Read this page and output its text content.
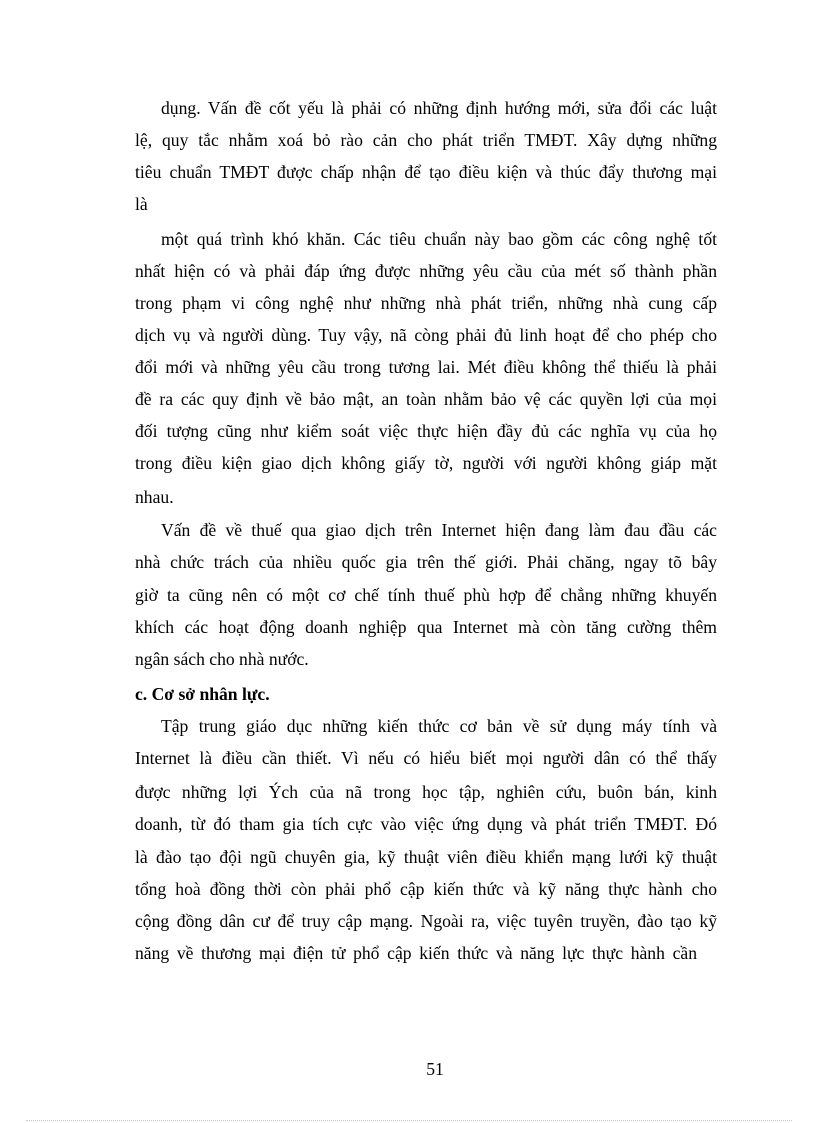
dụng. Vấn đề cốt yếu là phải có những định hướng mới, sửa đổi các luật
lệ, quy tắc nhằm xoá bỏ rào cản cho phát triển TMĐT. Xây dựng những
tiêu chuẩn TMĐT được chấp nhận để tạo điều kiện và thúc đẩy thương mại
là
một quá trình khó khăn. Các tiêu chuẩn này bao gồm các công nghệ tốt
nhất hiện có và phải đáp ứng được những yêu cầu của mét số thành phần
trong phạm vi công nghệ như những nhà phát triển, những nhà cung cấp
dịch vụ và người dùng. Tuy vậy, nã còng phải đủ linh hoạt để cho phép cho
đổi mới và những yêu cầu trong tương lai. Mét điều không thể thiếu là phải
đề ra các quy định về bảo mật, an toàn nhằm bảo vệ các quyền lợi của mọi
đối tượng cũng như kiểm soát việc thực hiện đầy đủ các nghĩa vụ của họ
trong điều kiện giao dịch không giấy tờ, người với người không giáp mặt
nhau.
Vấn đề về thuế qua giao dịch trên Internet hiện đang làm đau đầu các
nhà chức trách của nhiều quốc gia trên thế giới. Phải chăng, ngay tõ bây
giờ ta cũng nên có một cơ chế tính thuế phù hợp để chẳng những khuyến
khích các hoạt động doanh nghiệp qua Internet mà còn tăng cường thêm
ngân sách cho nhà nước.
c. Cơ sở nhân lực.
Tập trung giáo dục những kiến thức cơ bản về sử dụng máy tính và
Internet là điều cần thiết. Vì nếu có hiểu biết mọi người dân có thể thấy
được những lợi Ých của nã trong học tập, nghiên cứu, buôn bán, kinh
doanh, từ đó tham gia tích cực vào việc ứng dụng và phát triển TMĐT. Đó
là đào tạo đội ngũ chuyên gia, kỹ thuật viên điều khiển mạng lưới kỹ thuật
tổng hoà đồng thời còn phải phổ cập kiến thức và kỹ năng thực hành cho
cộng đồng dân cư để truy cập mạng. Ngoài ra, việc tuyên truyền, đào tạo kỹ
năng về thương mại điện tử phổ cập kiến thức và năng lực thực hành cần
51
